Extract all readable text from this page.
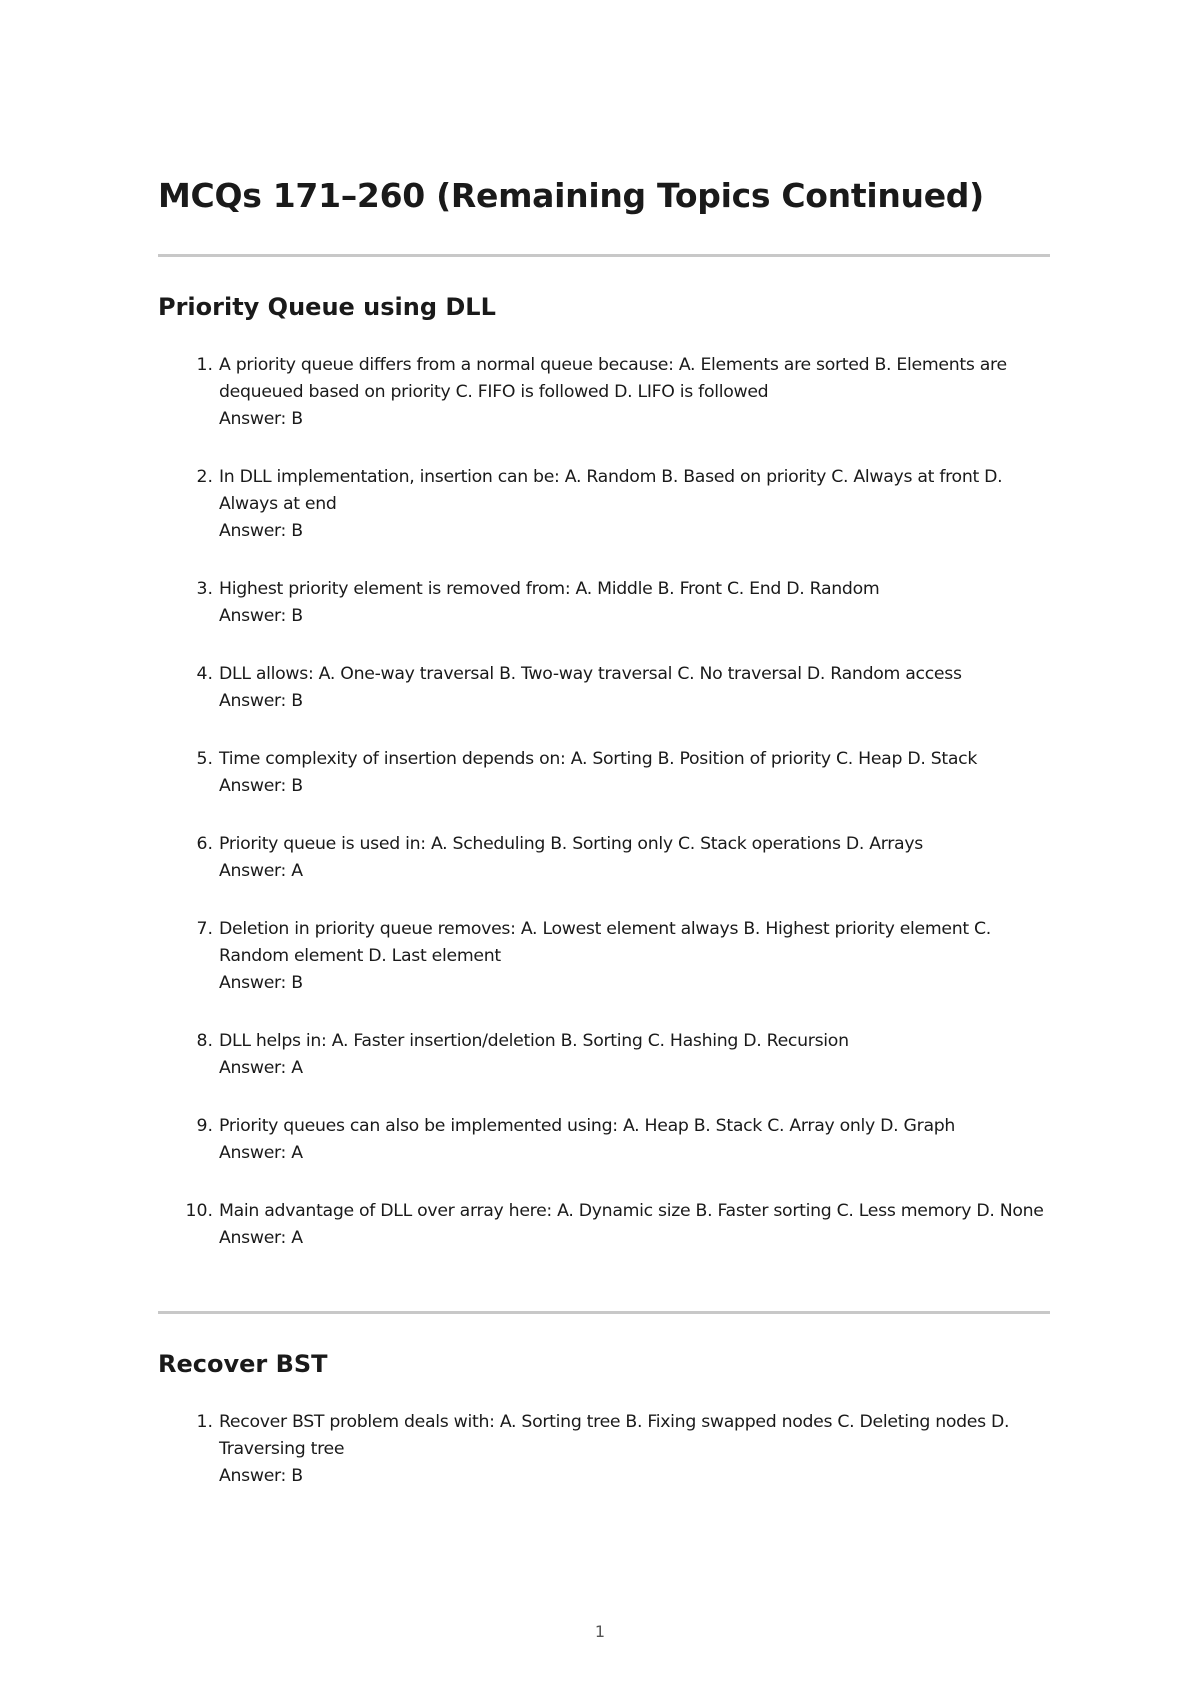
MCQs 171–260 (Remaining Topics Continued)
Priority Queue using DLL
1. A priority queue differs from a normal queue because: A. Elements are sorted B. Elements are dequeued based on priority C. FIFO is followed D. LIFO is followed
Answer: B
2. In DLL implementation, insertion can be: A. Random B. Based on priority C. Always at front D. Always at end
Answer: B
3. Highest priority element is removed from: A. Middle B. Front C. End D. Random
Answer: B
4. DLL allows: A. One-way traversal B. Two-way traversal C. No traversal D. Random access
Answer: B
5. Time complexity of insertion depends on: A. Sorting B. Position of priority C. Heap D. Stack
Answer: B
6. Priority queue is used in: A. Scheduling B. Sorting only C. Stack operations D. Arrays
Answer: A
7. Deletion in priority queue removes: A. Lowest element always B. Highest priority element C. Random element D. Last element
Answer: B
8. DLL helps in: A. Faster insertion/deletion B. Sorting C. Hashing D. Recursion
Answer: A
9. Priority queues can also be implemented using: A. Heap B. Stack C. Array only D. Graph
Answer: A
10. Main advantage of DLL over array here: A. Dynamic size B. Faster sorting C. Less memory D. None
Answer: A
Recover BST
1. Recover BST problem deals with: A. Sorting tree B. Fixing swapped nodes C. Deleting nodes D. Traversing tree
Answer: B
1
